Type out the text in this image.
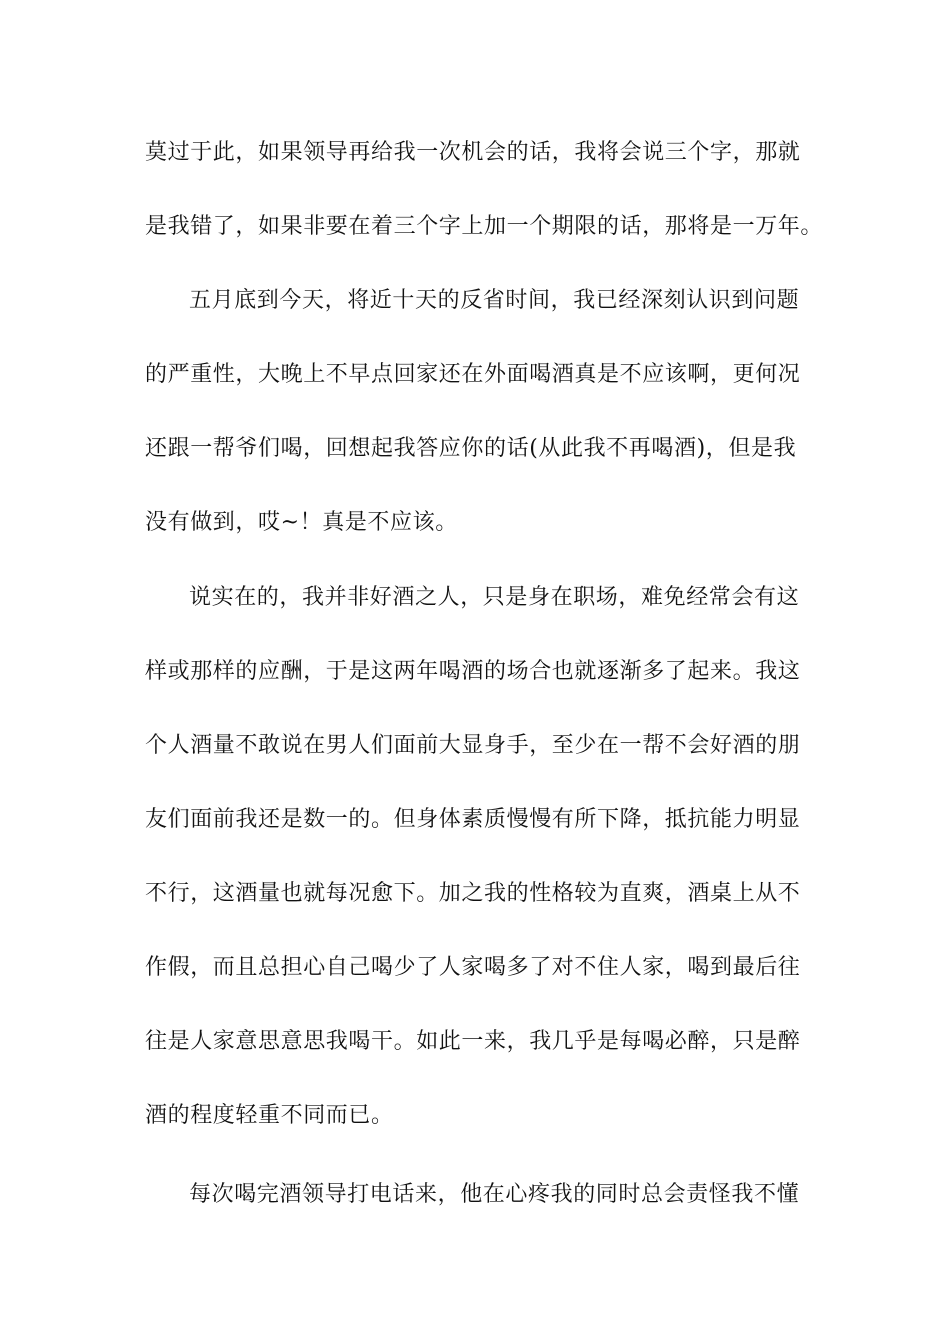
莫过于此，如果领导再给我一次机会的话，我将会说三个字，那就
是我错了，如果非要在着三个字上加一个期限的话，那将是一万年。
五月底到今天，将近十天的反省时间，我已经深刻认识到问题
的严重性，大晚上不早点回家还在外面喝酒真是不应该啊，更何况
还跟一帮爷们喝，回想起我答应你的话(从此我不再喝酒)，但是我
没有做到，哎~！真是不应该。
说实在的，我并非好酒之人，只是身在职场，难免经常会有这
样或那样的应酬，于是这两年喝酒的场合也就逐渐多了起来。我这
个人酒量不敢说在男人们面前大显身手，至少在一帮不会好酒的朋
友们面前我还是数一的。但身体素质慢慢有所下降，抵抗能力明显
不行，这酒量也就每况愈下。加之我的性格较为直爽，酒桌上从不
作假，而且总担心自己喝少了人家喝多了对不住人家，喝到最后往
往是人家意思意思我喝干。如此一来，我几乎是每喝必醉，只是醉
酒的程度轻重不同而已。
每次喝完酒领导打电话来，他在心疼我的同时总会责怪我不懂
